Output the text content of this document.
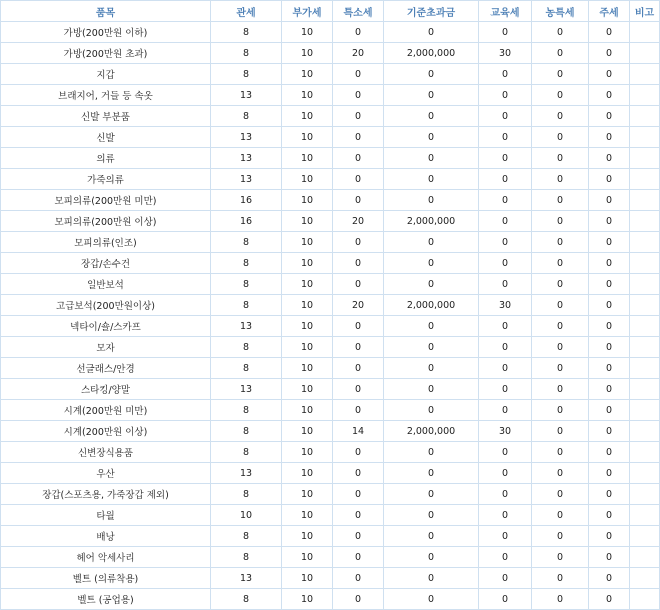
품목	관세	부가세	특소세	기준초과금	교육세	농특세	주세	비고
가방(200만원 이하)	8	10	0	0	0	0	0	
가방(200만원 초과)	8	10	20	2,000,000	30	0	0	
지갑	8	10	0	0	0	0	0	
브래지어, 거들 등 속옷	13	10	0	0	0	0	0	
신발 부분품	8	10	0	0	0	0	0	
신발	13	10	0	0	0	0	0	
의류	13	10	0	0	0	0	0	
가죽의류	13	10	0	0	0	0	0	
모피의류(200만원 미만)	16	10	0	0	0	0	0	
모피의류(200만원 이상)	16	10	20	2,000,000	0	0	0	
모피의류(인조)	8	10	0	0	0	0	0	
장갑/손수건	8	10	0	0	0	0	0	
일반보석	8	10	0	0	0	0	0	
고급보석(200만원이상)	8	10	20	2,000,000	30	0	0	
넥타이/숄/스카프	13	10	0	0	0	0	0	
모자	8	10	0	0	0	0	0	
선글래스/안경	8	10	0	0	0	0	0	
스타킹/양말	13	10	0	0	0	0	0	
시계(200만원 미만)	8	10	0	0	0	0	0	
시계(200만원 이상)	8	10	14	2,000,000	30	0	0	
신변장식용품	8	10	0	0	0	0	0	
우산	13	10	0	0	0	0	0	
장갑(스포츠용, 가죽장갑 제외)	8	10	0	0	0	0	0	
타월	10	10	0	0	0	0	0	
배낭	8	10	0	0	0	0	0	
헤어 악세사리	8	10	0	0	0	0	0	
벨트 (의류착용)	13	10	0	0	0	0	0	
벨트 (공업용)	8	10	0	0	0	0	0	
